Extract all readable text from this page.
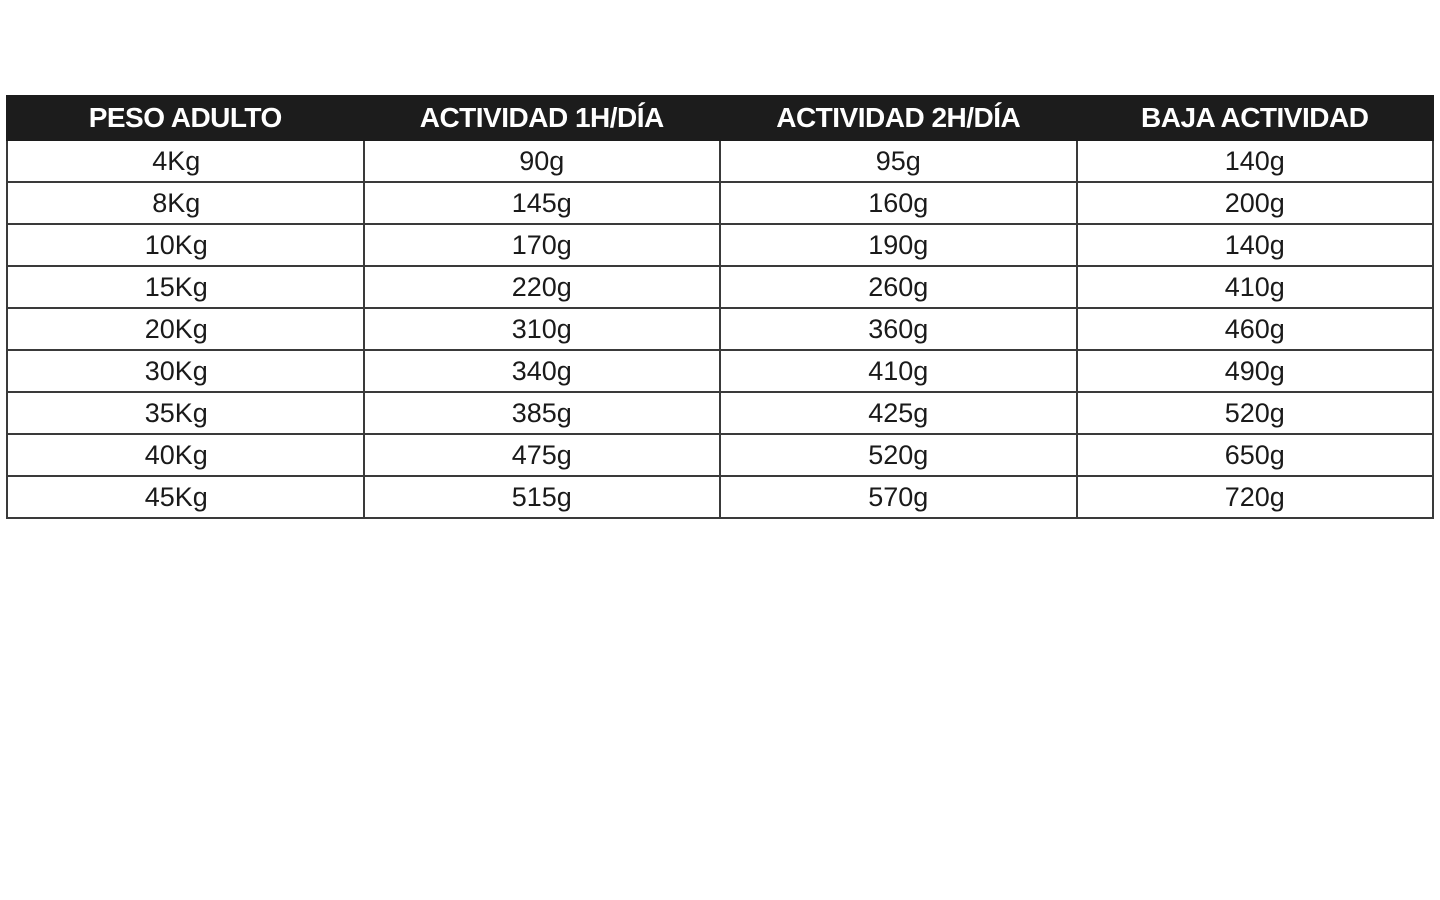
PESO ADULTO	ACTIVIDAD 1H/DÍA	ACTIVIDAD 2H/DÍA	BAJA ACTIVIDAD
4Kg	90g	95g	140g
8Kg	145g	160g	200g
10Kg	170g	190g	140g
15Kg	220g	260g	410g
20Kg	310g	360g	460g
30Kg	340g	410g	490g
35Kg	385g	425g	520g
40Kg	475g	520g	650g
45Kg	515g	570g	720g
